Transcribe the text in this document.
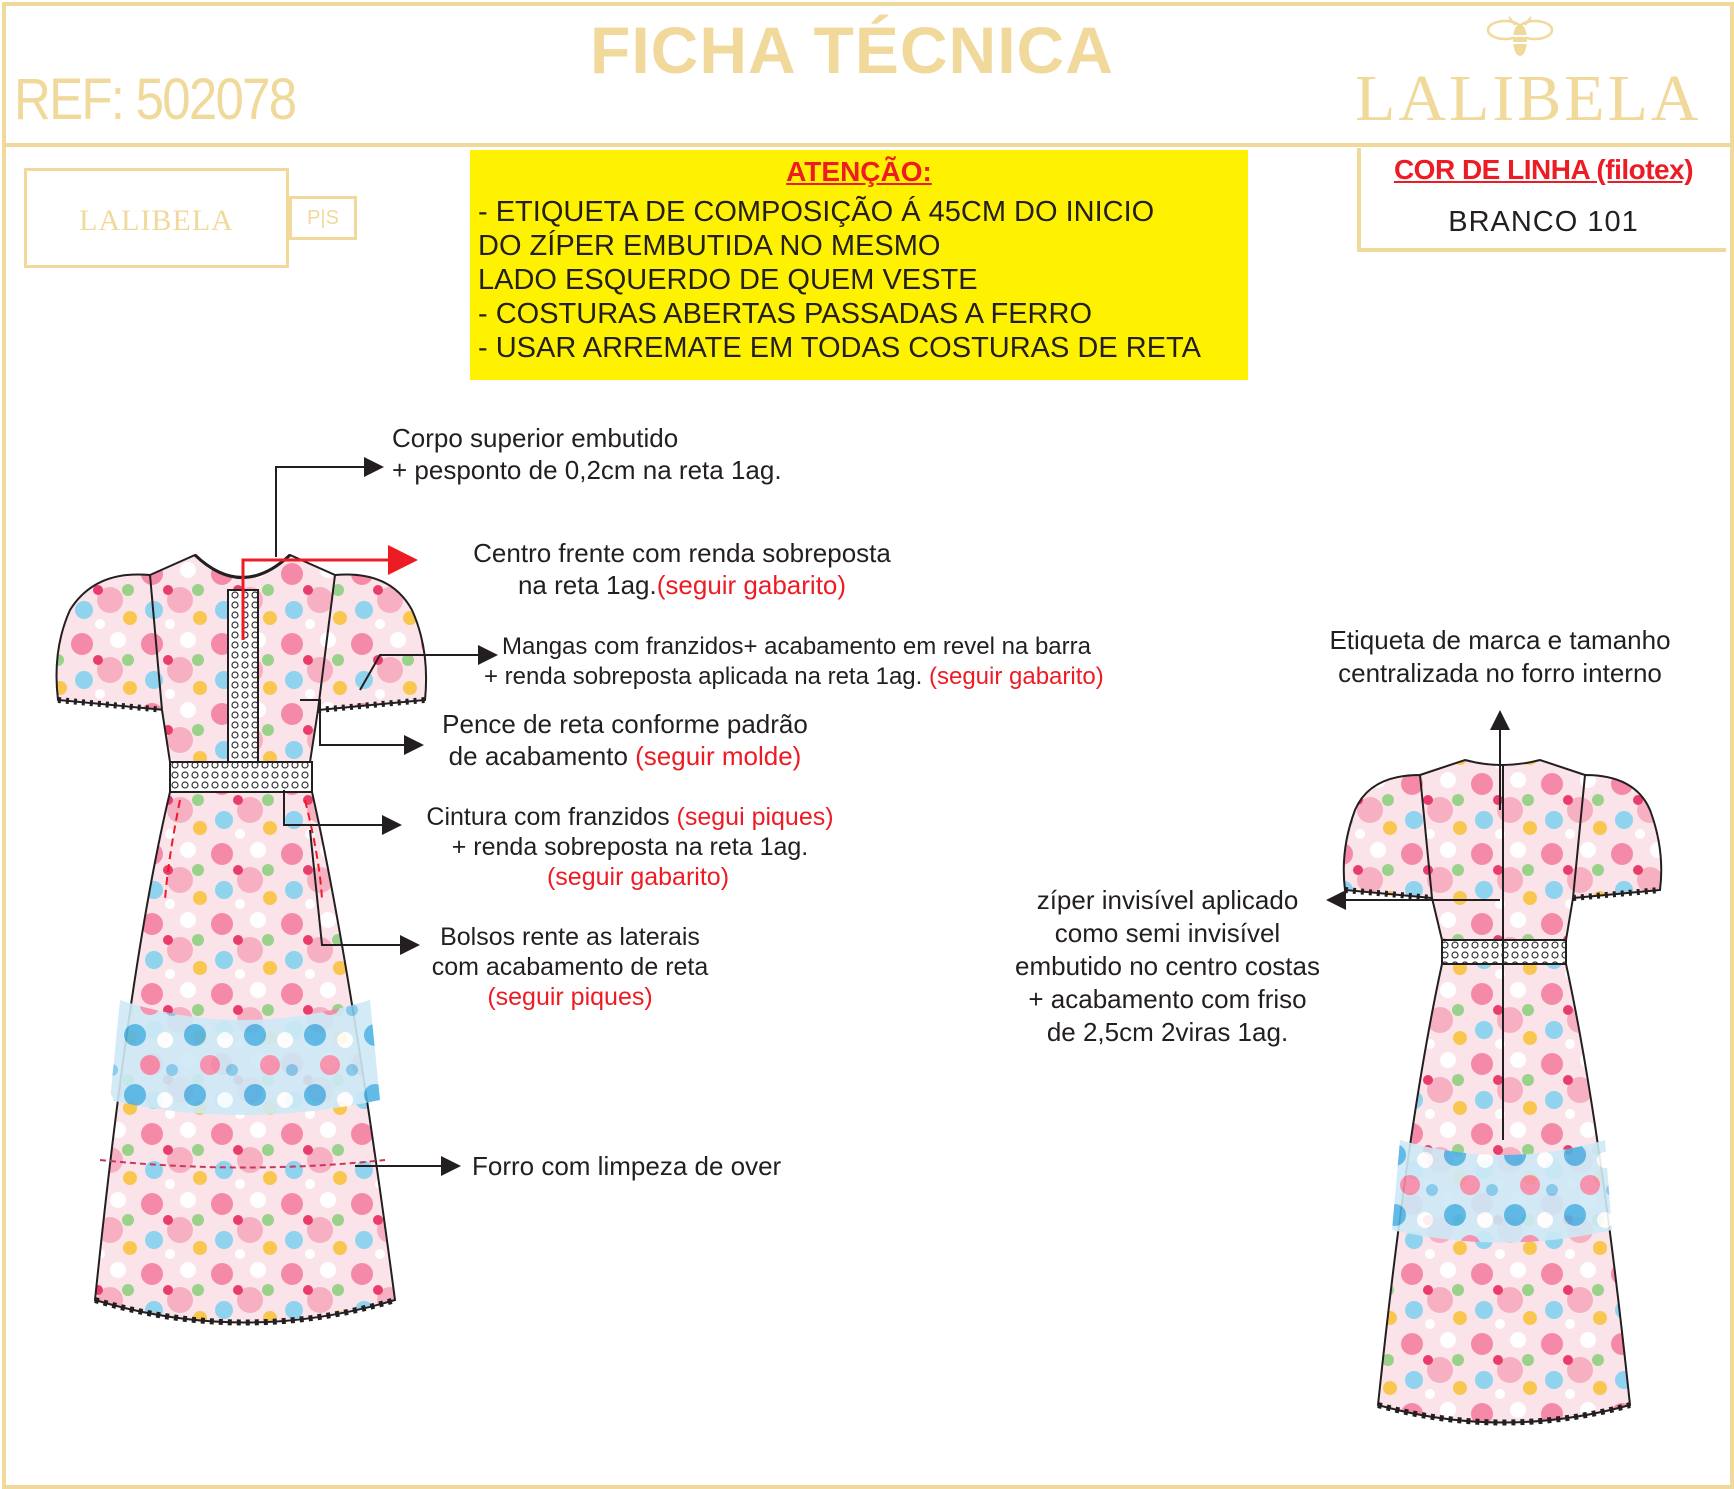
REF: 502078
FICHA TÉCNICA
LALIBELA
LALIBELA	P|S
ATENÇÃO:
- ETIQUETA DE COMPOSIÇÃO Á 45CM DO INICIO
DO ZÍPER EMBUTIDA NO MESMO
LADO ESQUERDO DE QUEM VESTE
- COSTURAS ABERTAS PASSADAS A FERRO
- USAR ARREMATE EM TODAS COSTURAS DE RETA
COR DE LINHA (filotex)
BRANCO 101
Corpo superior embutido
+ pesponto de 0,2cm na reta 1ag.
Centro frente com renda sobreposta
na reta 1ag.(seguir gabarito)
Mangas com franzidos+ acabamento em revel na barra
+ renda sobreposta aplicada na reta 1ag. (seguir gabarito)
Pence de reta conforme padrão
de acabamento (seguir molde)
Cintura com franzidos (segui piques)
+ renda sobreposta na reta 1ag.
(seguir gabarito)
Bolsos rente as laterais
com acabamento de reta
(seguir piques)
Forro com limpeza de over
Etiqueta de marca e tamanho
centralizada no forro interno
zíper invisível aplicado
como semi invisível
embutido no centro costas
+ acabamento com friso
de 2,5cm 2viras 1ag.
